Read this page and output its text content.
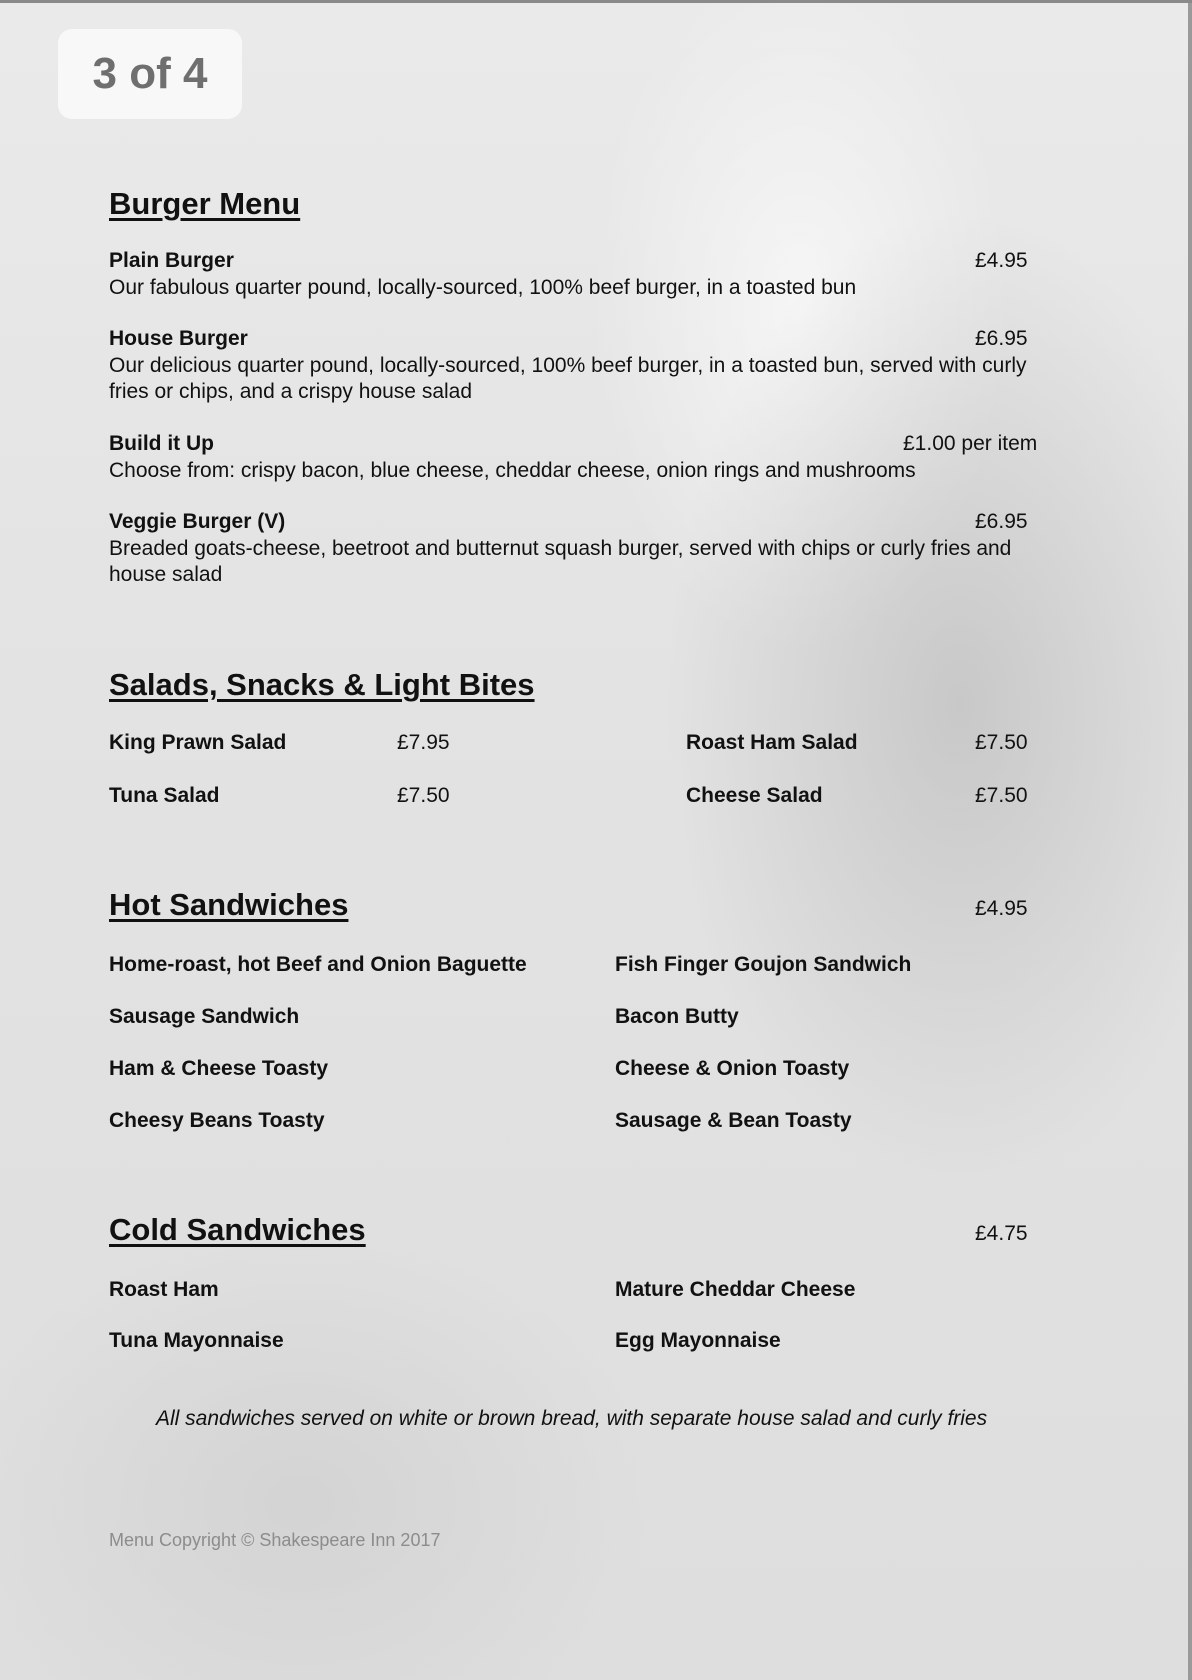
3 of 4
Burger Menu
Plain Burger	£4.95
Our fabulous quarter pound, locally-sourced, 100% beef burger, in a toasted bun
House Burger	£6.95
Our delicious quarter pound, locally-sourced, 100% beef burger, in a toasted bun, served with curly fries or chips, and a crispy house salad
Build it Up	£1.00 per item
Choose from: crispy bacon, blue cheese, cheddar cheese, onion rings and mushrooms
Veggie Burger (V)	£6.95
Breaded goats-cheese, beetroot and butternut squash burger, served with chips or curly fries and house salad
Salads, Snacks & Light Bites
King Prawn Salad	£7.95	Roast Ham Salad	£7.50
Tuna Salad	£7.50	Cheese Salad	£7.50
Hot Sandwiches	£4.95
Home-roast, hot Beef and Onion Baguette	Fish Finger Goujon Sandwich
Sausage Sandwich	Bacon Butty
Ham & Cheese Toasty	Cheese & Onion Toasty
Cheesy Beans Toasty	Sausage & Bean Toasty
Cold Sandwiches	£4.75
Roast Ham	Mature Cheddar Cheese
Tuna Mayonnaise	Egg Mayonnaise
All sandwiches served on white or brown bread, with separate house salad and curly fries
Menu Copyright © Shakespeare Inn 2017
